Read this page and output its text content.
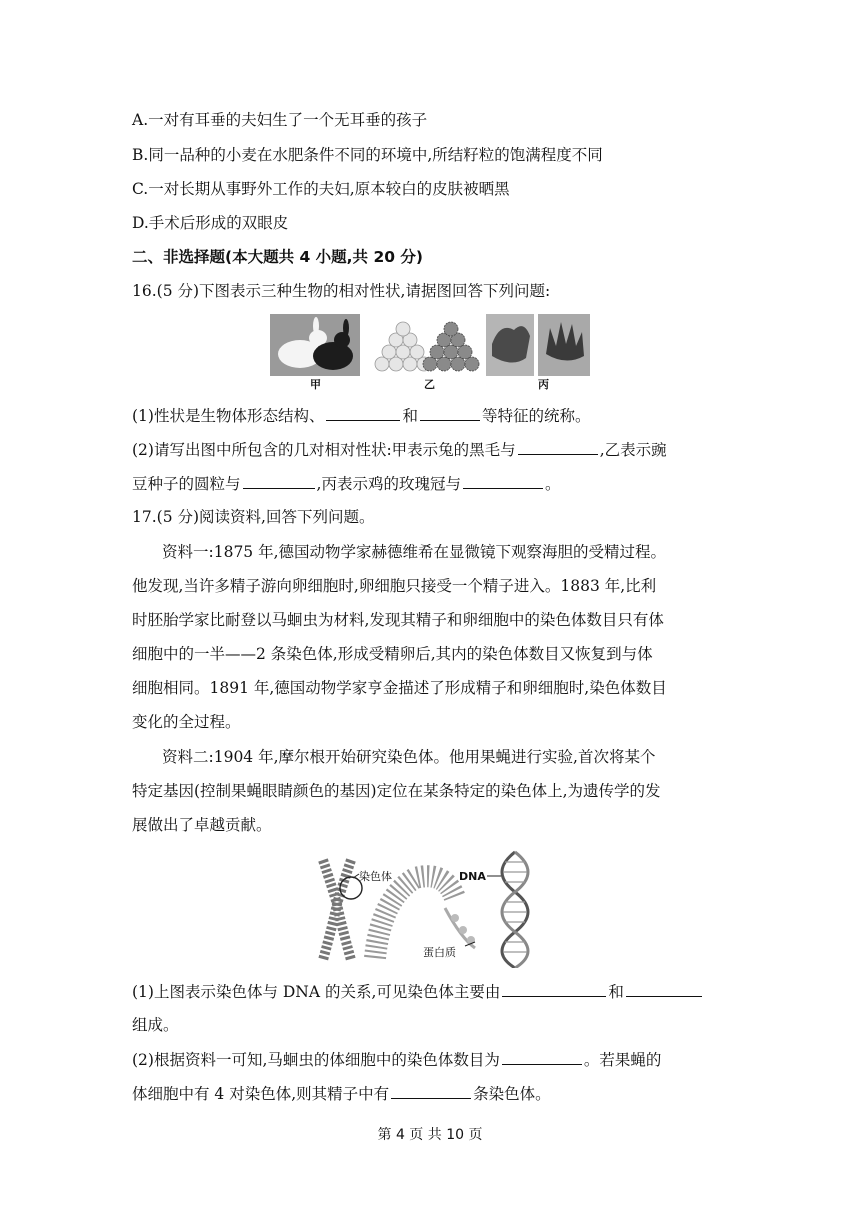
A.一对有耳垂的夫妇生了一个无耳垂的孩子
B.同一品种的小麦在水肥条件不同的环境中,所结籽粒的饱满程度不同
C.一对长期从事野外工作的夫妇,原本较白的皮肤被晒黑
D.手术后形成的双眼皮
二、非选择题(本大题共 4 小题,共 20 分)
16.(5 分)下图表示三种生物的相对性状,请据图回答下列问题:
甲	乙	丙
(1)性状是生物体形态结构、	和	等特征的统称。
(2)请写出图中所包含的几对相对性状:甲表示兔的黑毛与	,乙表示豌
豆种子的圆粒与	,丙表示鸡的玫瑰冠与	。
17.(5 分)阅读资料,回答下列问题。
资料一:1875 年,德国动物学家赫德维希在显微镜下观察海胆的受精过程。
他发现,当许多精子游向卵细胞时,卵细胞只接受一个精子进入。1883 年,比利
时胚胎学家比耐登以马蛔虫为材料,发现其精子和卵细胞中的染色体数目只有体
细胞中的一半——2 条染色体,形成受精卵后,其内的染色体数目又恢复到与体
细胞相同。1891 年,德国动物学家亨金描述了形成精子和卵细胞时,染色体数目
变化的全过程。
资料二:1904 年,摩尔根开始研究染色体。他用果蝇进行实验,首次将某个
特定基因(控制果蝇眼睛颜色的基因)定位在某条特定的染色体上,为遗传学的发
展做出了卓越贡献。
染色体	DNA
蛋白质
(1)上图表示染色体与 DNA 的关系,可见染色体主要由	和
组成。
(2)根据资料一可知,马蛔虫的体细胞中的染色体数目为	。若果蝇的
体细胞中有 4 对染色体,则其精子中有	条染色体。
第 4 页 共 10 页
